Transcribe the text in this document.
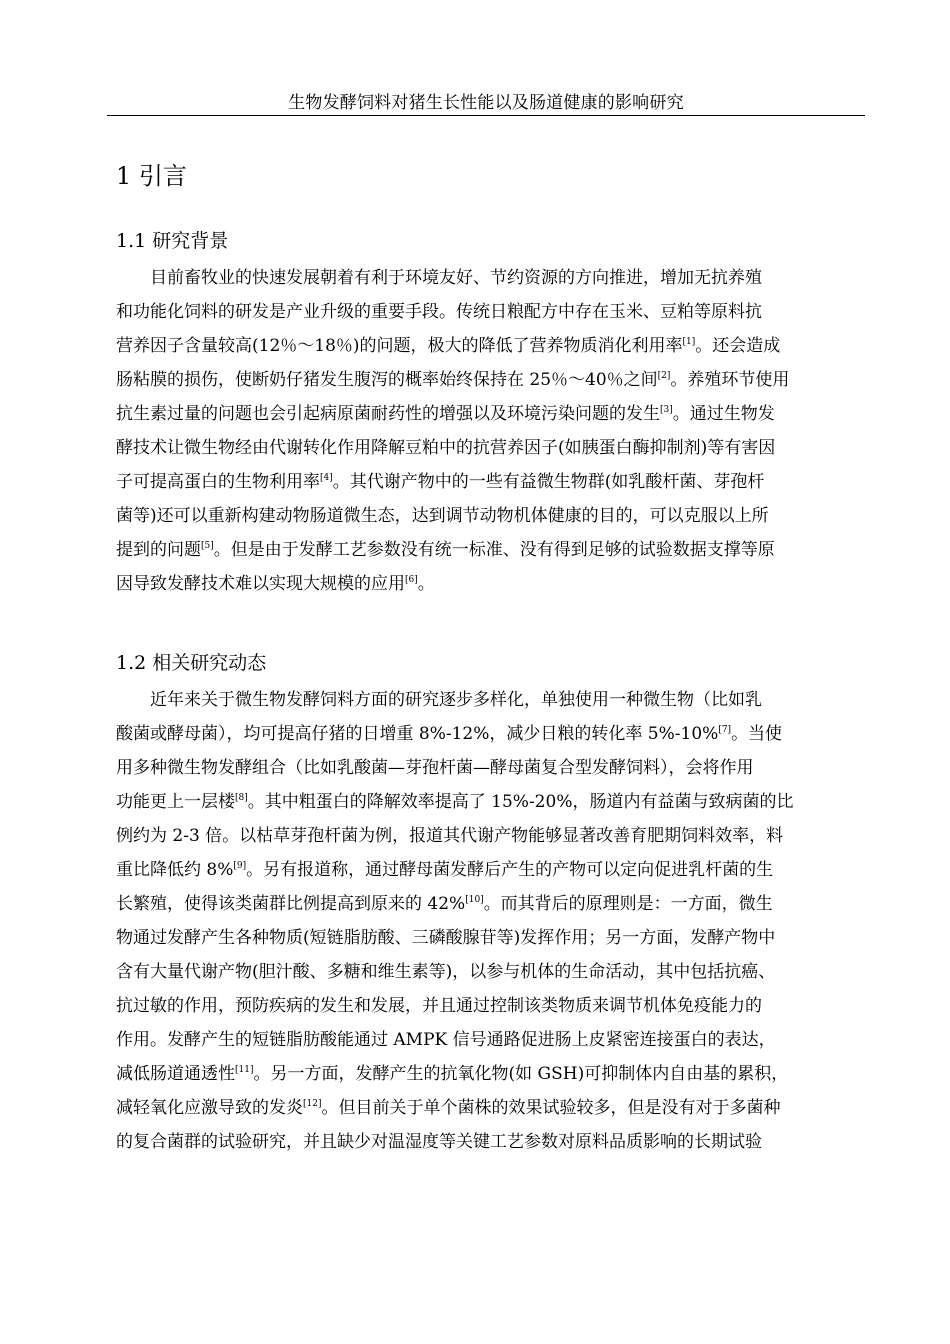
生物发酵饲料对猪生长性能以及肠道健康的影响研究
1 引言
1.1 研究背景
目前畜牧业的快速发展朝着有利于环境友好、节约资源的方向推进，增加无抗养殖
和功能化饲料的研发是产业升级的重要手段。传统日粮配方中存在玉米、豆粕等原料抗
营养因子含量较高(12％～18％)的问题，极大的降低了营养物质消化利用率[1]。还会造成
肠粘膜的损伤，使断奶仔猪发生腹泻的概率始终保持在 25％～40％之间[2]。养殖环节使用
抗生素过量的问题也会引起病原菌耐药性的增强以及环境污染问题的发生[3]。通过生物发
酵技术让微生物经由代谢转化作用降解豆粕中的抗营养因子(如胰蛋白酶抑制剂)等有害因
子可提高蛋白的生物利用率[4]。其代谢产物中的一些有益微生物群(如乳酸杆菌、芽孢杆
菌等)还可以重新构建动物肠道微生态，达到调节动物机体健康的目的，可以克服以上所
提到的问题[5]。但是由于发酵工艺参数没有统一标准、没有得到足够的试验数据支撑等原
因导致发酵技术难以实现大规模的应用[6]。
1.2 相关研究动态
近年来关于微生物发酵饲料方面的研究逐步多样化，单独使用一种微生物（比如乳
酸菌或酵母菌），均可提高仔猪的日增重 8%-12%，减少日粮的转化率 5%-10%[7]。当使
用多种微生物发酵组合（比如乳酸菌—芽孢杆菌—酵母菌复合型发酵饲料），会将作用
功能更上一层楼[8]。其中粗蛋白的降解效率提高了 15%-20%，肠道内有益菌与致病菌的比
例约为 2-3 倍。以枯草芽孢杆菌为例，报道其代谢产物能够显著改善育肥期饲料效率，料
重比降低约 8%[9]。另有报道称，通过酵母菌发酵后产生的产物可以定向促进乳杆菌的生
长繁殖，使得该类菌群比例提高到原来的 42%[10]。而其背后的原理则是：一方面，微生
物通过发酵产生各种物质(短链脂肪酸、三磷酸腺苷等)发挥作用；另一方面，发酵产物中
含有大量代谢产物(胆汁酸、多糖和维生素等)，以参与机体的生命活动，其中包括抗癌、
抗过敏的作用，预防疾病的发生和发展，并且通过控制该类物质来调节机体免疫能力的
作用。发酵产生的短链脂肪酸能通过 AMPK 信号通路促进肠上皮紧密连接蛋白的表达，
减低肠道通透性[11]。另一方面，发酵产生的抗氧化物(如 GSH)可抑制体内自由基的累积，
减轻氧化应激导致的发炎[12]。但目前关于单个菌株的效果试验较多，但是没有对于多菌种
的复合菌群的试验研究，并且缺少对温湿度等关键工艺参数对原料品质影响的长期试验
